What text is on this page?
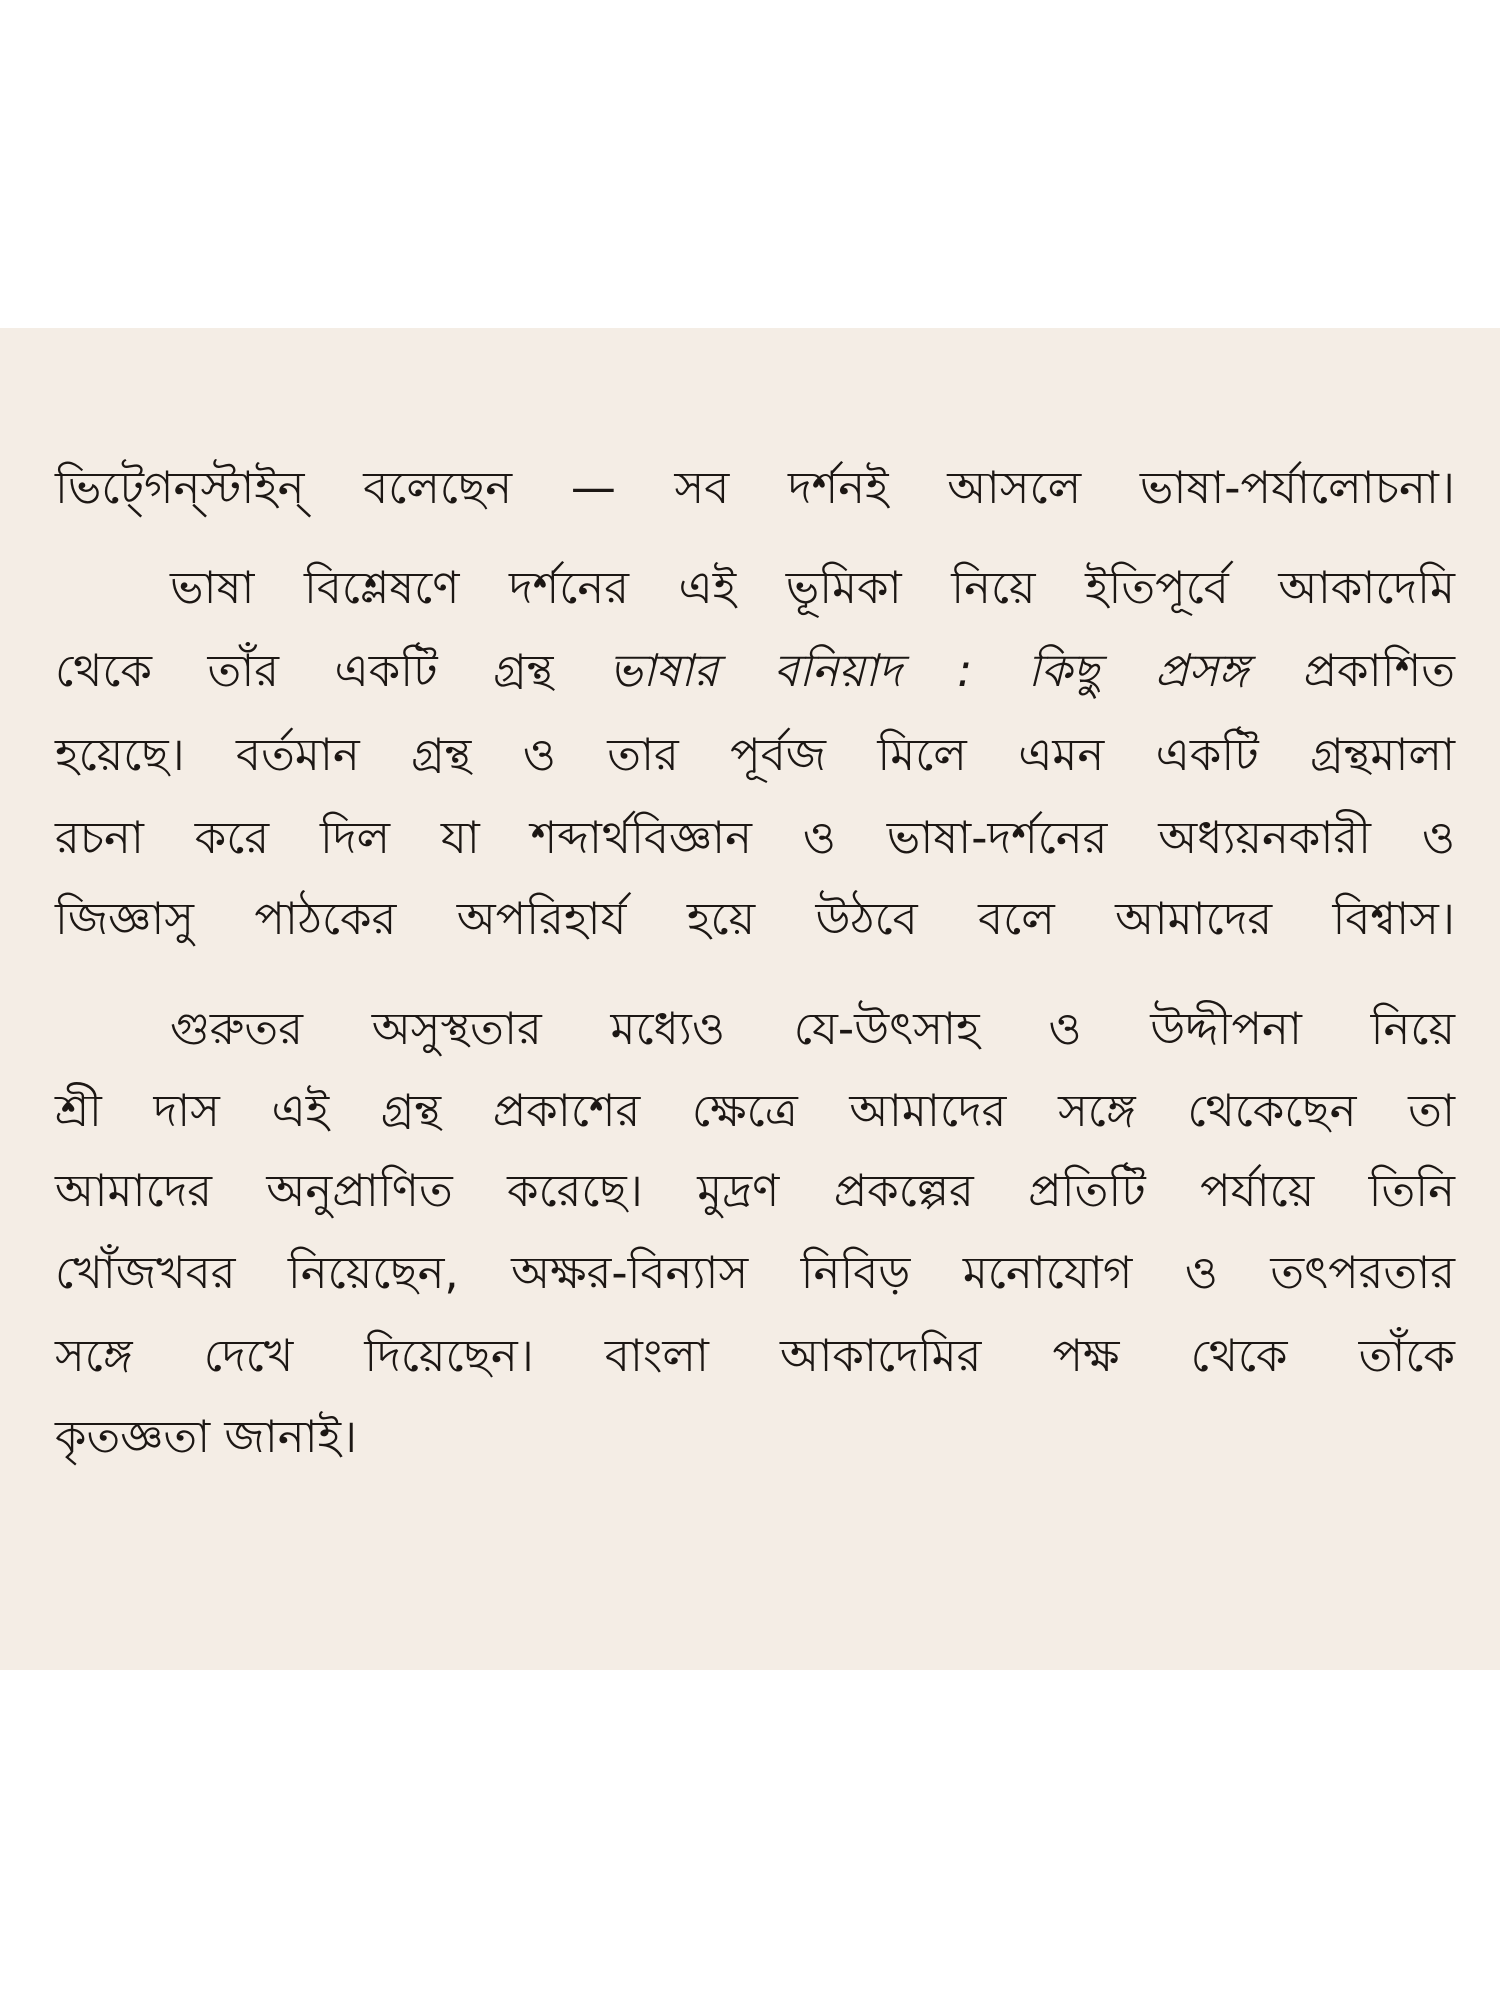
ভিট্গেন্স্টাইন্ বলেছেন — সব দর্শনই আসলে ভাষা-পর্যালোচনা।
ভাষা বিশ্লেষণে দর্শনের এই ভূমিকা নিয়ে ইতিপূর্বে আকাদেমি
থেকে তাঁর একটি গ্রন্থ ভাষার বনিয়াদ : কিছু প্রসঙ্গ প্রকাশিত
হয়েছে। বর্তমান গ্রন্থ ও তার পূর্বজ মিলে এমন একটি গ্রন্থমালা
রচনা করে দিল যা শব্দার্থবিজ্ঞান ও ভাষা-দর্শনের অধ্যয়নকারী ও
জিজ্ঞাসু পাঠকের অপরিহার্য হয়ে উঠবে বলে আমাদের বিশ্বাস।
গুরুতর অসুস্থতার মধ্যেও যে-উৎসাহ ও উদ্দীপনা নিয়ে
শ্রী দাস এই গ্রন্থ প্রকাশের ক্ষেত্রে আমাদের সঙ্গে থেকেছেন তা
আমাদের অনুপ্রাণিত করেছে। মুদ্রণ প্রকল্পের প্রতিটি পর্যায়ে তিনি
খোঁজখবর নিয়েছেন, অক্ষর-বিন্যাস নিবিড় মনোযোগ ও তৎপরতার
সঙ্গে দেখে দিয়েছেন। বাংলা আকাদেমির পক্ষ থেকে তাঁকে
কৃতজ্ঞতা জানাই।
